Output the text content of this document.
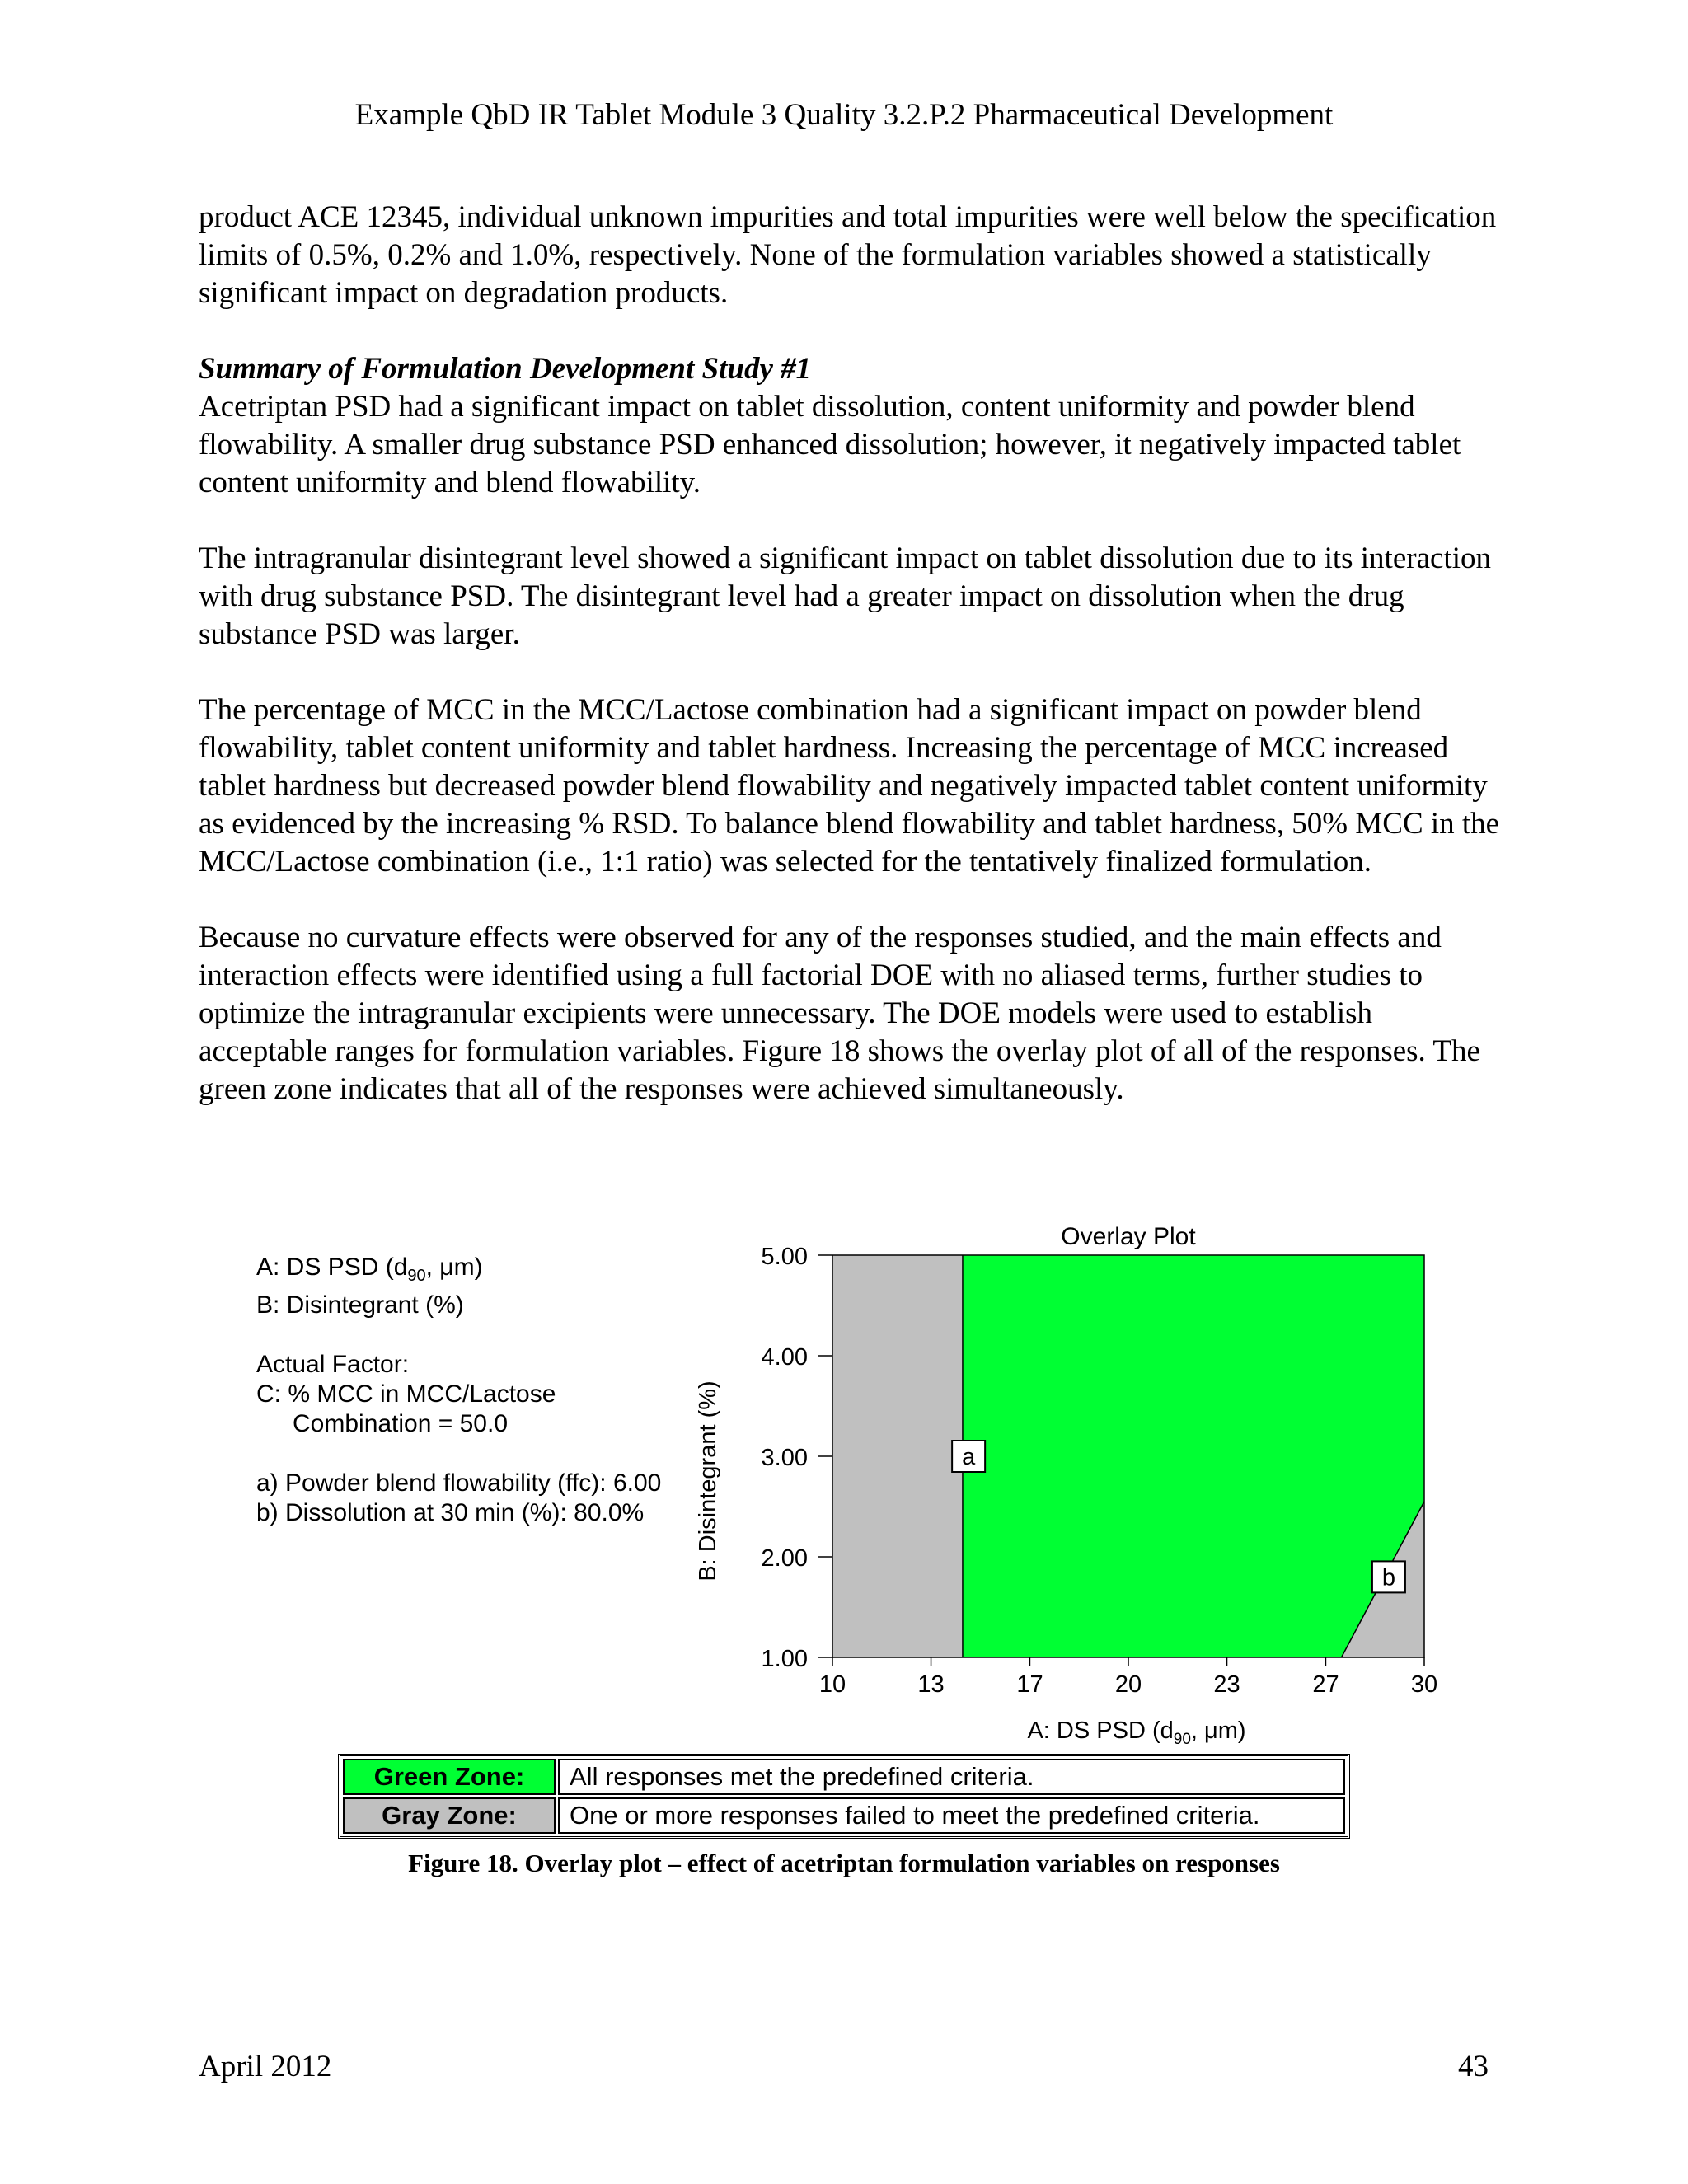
Example QbD IR Tablet Module 3 Quality 3.2.P.2 Pharmaceutical Development

product ACE 12345, individual unknown impurities and total impurities were well below the specification limits of 0.5%, 0.2% and 1.0%, respectively. None of the formulation variables showed a statistically significant impact on degradation products.

Summary of Formulation Development Study #1

Acetriptan PSD had a significant impact on tablet dissolution, content uniformity and powder blend flowability. A smaller drug substance PSD enhanced dissolution; however, it negatively impacted tablet content uniformity and blend flowability.

The intragranular disintegrant level showed a significant impact on tablet dissolution due to its interaction with drug substance PSD. The disintegrant level had a greater impact on dissolution when the drug substance PSD was larger.

The percentage of MCC in the MCC/Lactose combination had a significant impact on powder blend flowability, tablet content uniformity and tablet hardness. Increasing the percentage of MCC increased tablet hardness but decreased powder blend flowability and negatively impacted tablet content uniformity as evidenced by the increasing % RSD. To balance blend flowability and tablet hardness, 50% MCC in the MCC/Lactose combination (i.e., 1:1 ratio) was selected for the tentatively finalized formulation.

Because no curvature effects were observed for any of the responses studied, and the main effects and interaction effects were identified using a full factorial DOE with no aliased terms, further studies to optimize the intragranular excipients were unnecessary. The DOE models were used to establish acceptable ranges for formulation variables. Figure 18 shows the overlay plot of all of the responses. The green zone indicates that all of the responses were achieved simultaneously.

A: DS PSD ($d_{90}$, μm)
B: Disintegrant (%)
Actual Factor:
C: % MCC in MCC/Lactose
Combination = 50.0
a) Powder blend flowability (ffc): 6.00
b) Dissolution at 30 min (%): 80.0%
a
b
1.00
2.00
3.00
4.00
5.00
10	13	17	20	23	27	30
Overlay Plot
B: Disintegrant (%)
A: DS PSD ($d_{90}$, μm)
Green Zone:	All responses met the predefined criteria.
Gray Zone:	One or more responses failed to meet the predefined criteria.
Figure 18. Overlay plot – effect of acetriptan formulation variables on responses
April 2012	43
